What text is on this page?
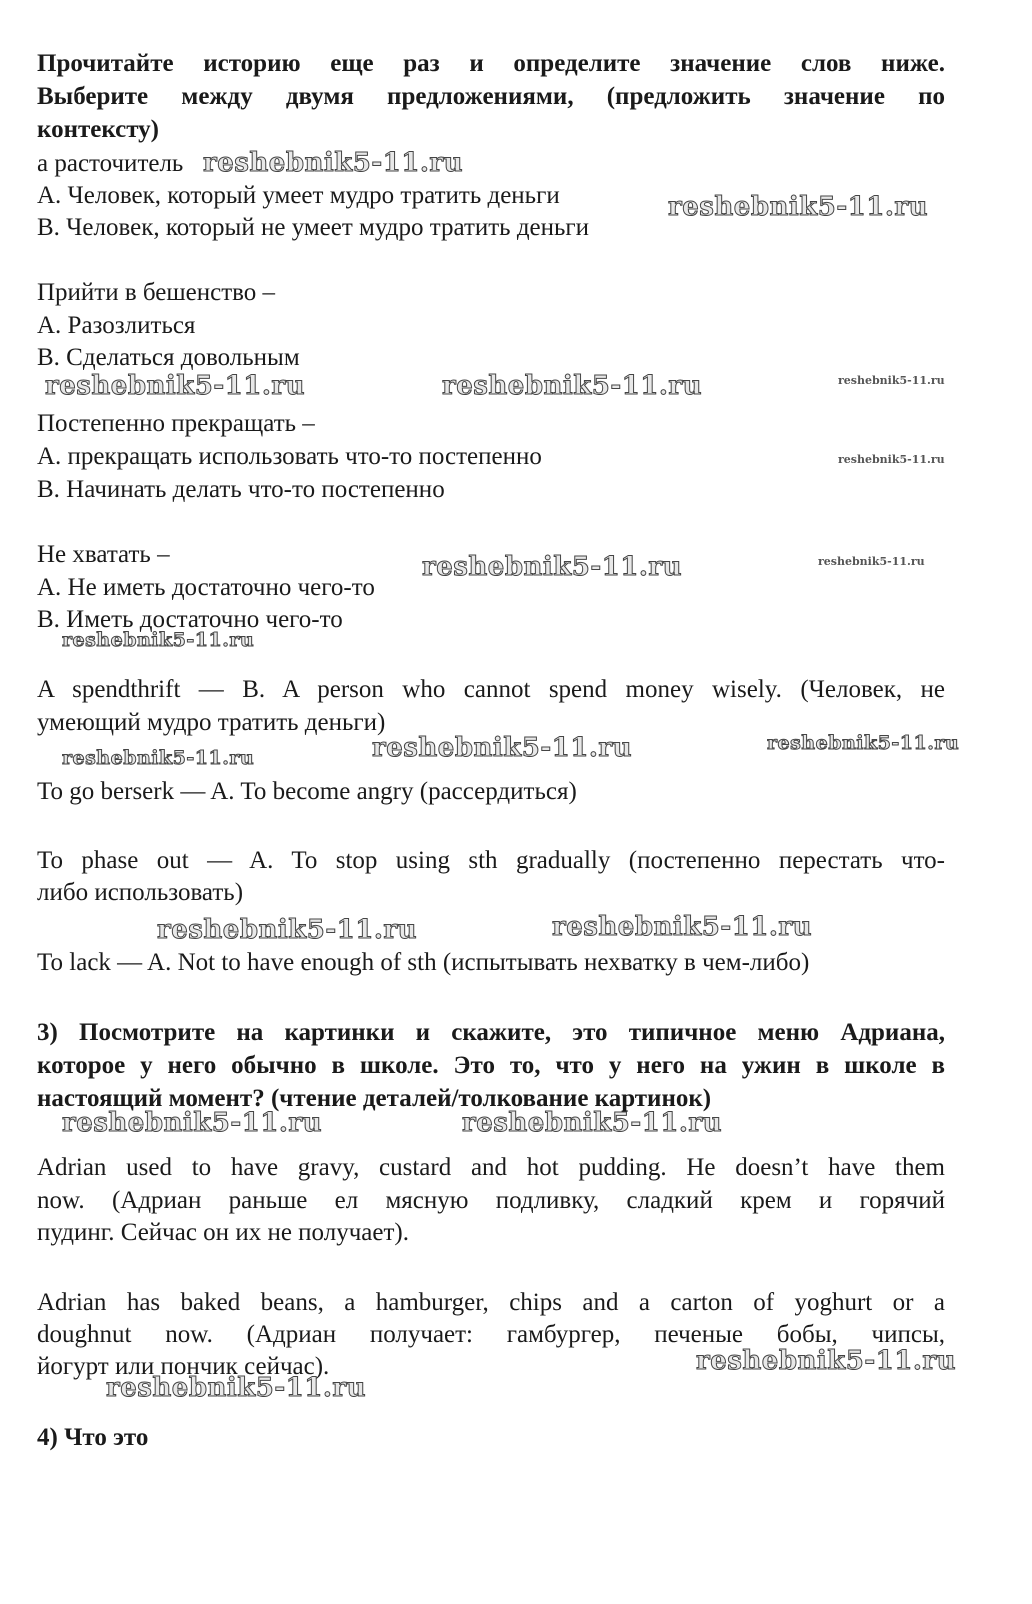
Прочитайте историю еще раз и определите значение слов ниже.

Выберите между двумя предложениями, (предложить значение по

контексту)

а расточитель

А. Человек, который умеет мудро тратить деньги

В. Человек, который не умеет мудро тратить деньги

Прийти в бешенство –

А. Разозлиться

В. Сделаться довольным

Постепенно прекращать –

А. прекращать использовать что-то постепенно

В. Начинать делать что-то постепенно

Не хватать –

А. Не иметь достаточно чего-то

В. Иметь достаточно чего-то

A spendthrift — B. A person who cannot spend money wisely. (Человек, не

умеющий мудро тратить деньги)

To go berserk — A. To become angry (рассердиться)

To phase out — A. To stop using sth gradually (постепенно перестать что-

либо использовать)

To lack — A. Not to have enough of sth (испытывать нехватку в чем-либо)

3) Посмотрите на картинки и скажите, это типичное меню Адриана,

которое у него обычно в школе. Это то, что у него на ужин в школе в

настоящий момент? (чтение деталей/толкование картинок)

Adrian used to have gravy, custard and hot pudding. He doesn’t have them

now. (Адриан раньше ел мясную подливку, сладкий крем и горячий

пудинг. Сейчас он их не получает).

Adrian has baked beans, a hamburger, chips and a carton of yoghurt or a

doughnut now. (Адриан получает: гамбургер, печеные бобы, чипсы,

йогурт или пончик сейчас).

4) Что это

reshebnik5-11.ru
reshebnik5-11.ru
reshebnik5-11.ru	reshebnik5-11.ru	reshebnik5-11.ru
reshebnik5-11.ru
reshebnik5-11.ru	reshebnik5-11.ru
reshebnik5-11.ru
reshebnik5-11.ru	reshebnik5-11.ru	reshebnik5-11.ru
reshebnik5-11.ru	reshebnik5-11.ru
reshebnik5-11.ru	reshebnik5-11.ru
reshebnik5-11.ru
reshebnik5-11.ru
